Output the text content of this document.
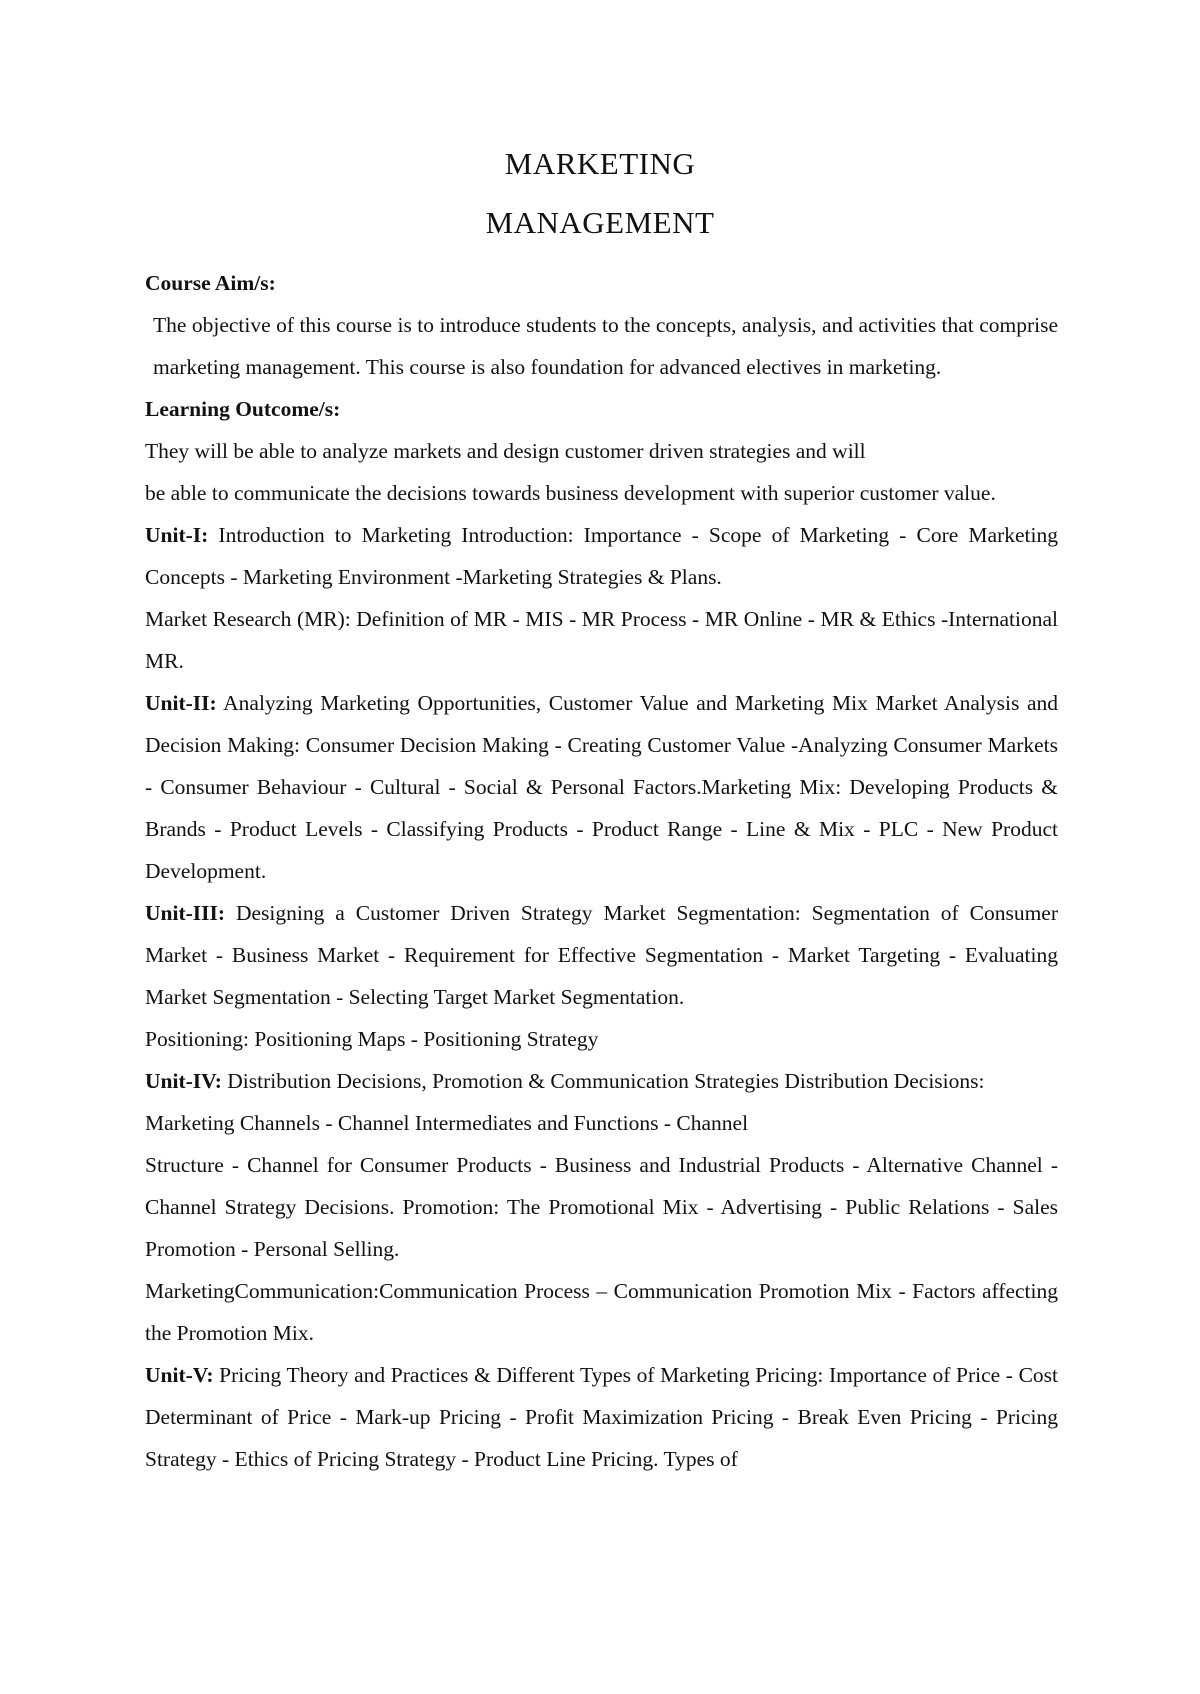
MARKETING
MANAGEMENT

Course Aim/s:

The objective of this course is to introduce students to the concepts, analysis, and activities that comprise marketing management. This course is also foundation for advanced electives in marketing.

Learning Outcome/s:

They will be able to analyze markets and design customer driven strategies and will

be able to communicate the decisions towards business development with superior customer value.

Unit-I: Introduction to Marketing Introduction: Importance - Scope of Marketing - Core Marketing Concepts - Marketing Environment -Marketing Strategies & Plans.

Market Research (MR): Definition of MR - MIS - MR Process - MR Online - MR & Ethics -International MR.

Unit-II: Analyzing Marketing Opportunities, Customer Value and Marketing Mix Market Analysis and Decision Making: Consumer Decision Making - Creating Customer Value -Analyzing Consumer Markets - Consumer Behaviour - Cultural - Social & Personal Factors.Marketing Mix: Developing Products & Brands - Product Levels - Classifying Products - Product Range - Line & Mix - PLC - New Product Development.

Unit-III: Designing a Customer Driven Strategy Market Segmentation: Segmentation of Consumer Market - Business Market - Requirement for Effective Segmentation - Market Targeting - Evaluating Market Segmentation - Selecting Target Market Segmentation.

Positioning: Positioning Maps - Positioning Strategy

Unit-IV: Distribution Decisions, Promotion & Communication Strategies Distribution Decisions: Marketing Channels - Channel Intermediates and Functions - Channel

Structure - Channel for Consumer Products - Business and Industrial Products - Alternative Channel -Channel Strategy Decisions. Promotion: The Promotional Mix - Advertising - Public Relations - Sales Promotion - Personal Selling.

MarketingCommunication:Communication Process – Communication Promotion Mix - Factors affecting the Promotion Mix.

Unit-V: Pricing Theory and Practices & Different Types of Marketing Pricing: Importance of Price - Cost Determinant of Price - Mark-up Pricing - Profit Maximization Pricing - Break Even Pricing - Pricing Strategy - Ethics of Pricing Strategy - Product Line Pricing. Types of
